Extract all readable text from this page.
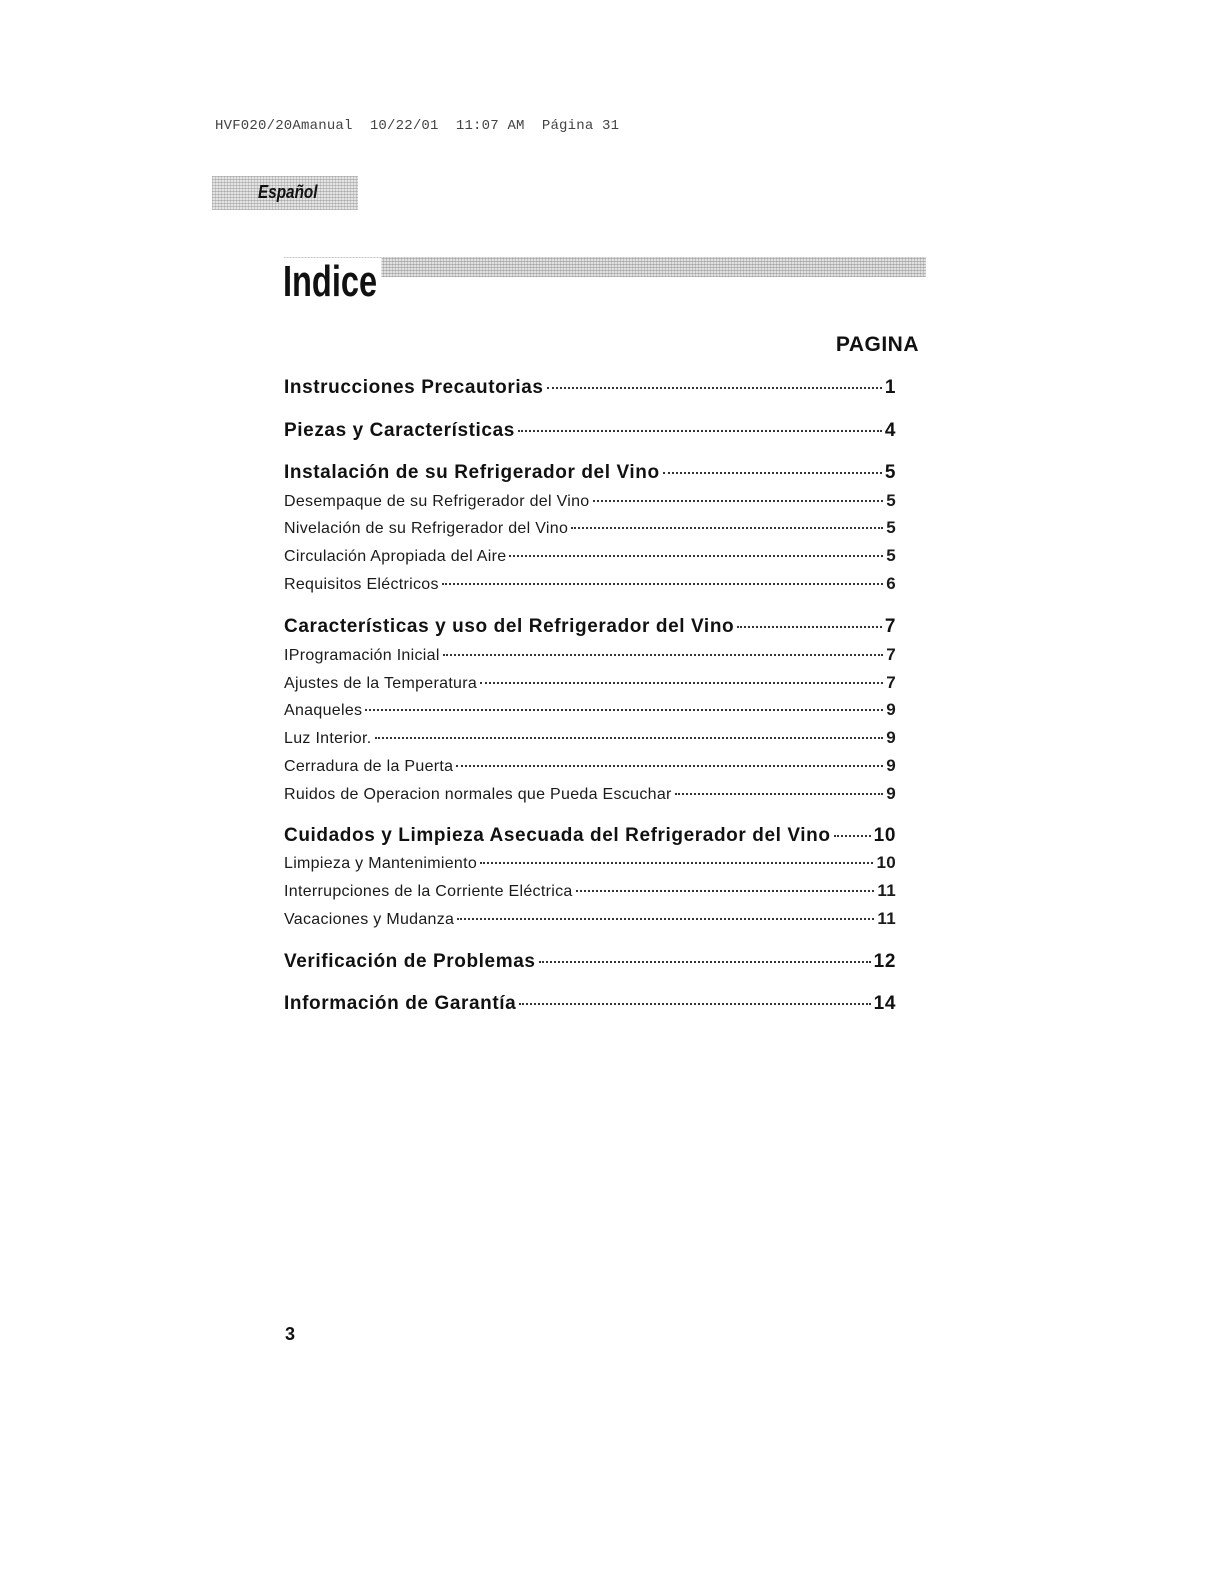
HVF020/20Amanual  10/22/01  11:07 AM  Página 31
Español
Indice
PAGINA
Instrucciones Precautorias	1
Piezas y Características	4
Instalación de su Refrigerador del Vino	5
Desempaque de su Refrigerador del Vino	5
Nivelación de su Refrigerador del Vino	5
Circulación Apropiada del Aire	5
Requisitos Eléctricos	6
Características y uso del Refrigerador del Vino	7
IProgramación Inicial	7
Ajustes de la Temperatura	7
Anaqueles	9
Luz Interior.	9
Cerradura de la Puerta	9
Ruidos de Operacion normales que Pueda Escuchar	9
Cuidados y Limpieza Asecuada del Refrigerador del Vino 10
Limpieza y Mantenimiento	10
Interrupciones de la Corriente Eléctrica	11
Vacaciones y Mudanza	11
Verificación de Problemas	12
Información de Garantía	14
3
